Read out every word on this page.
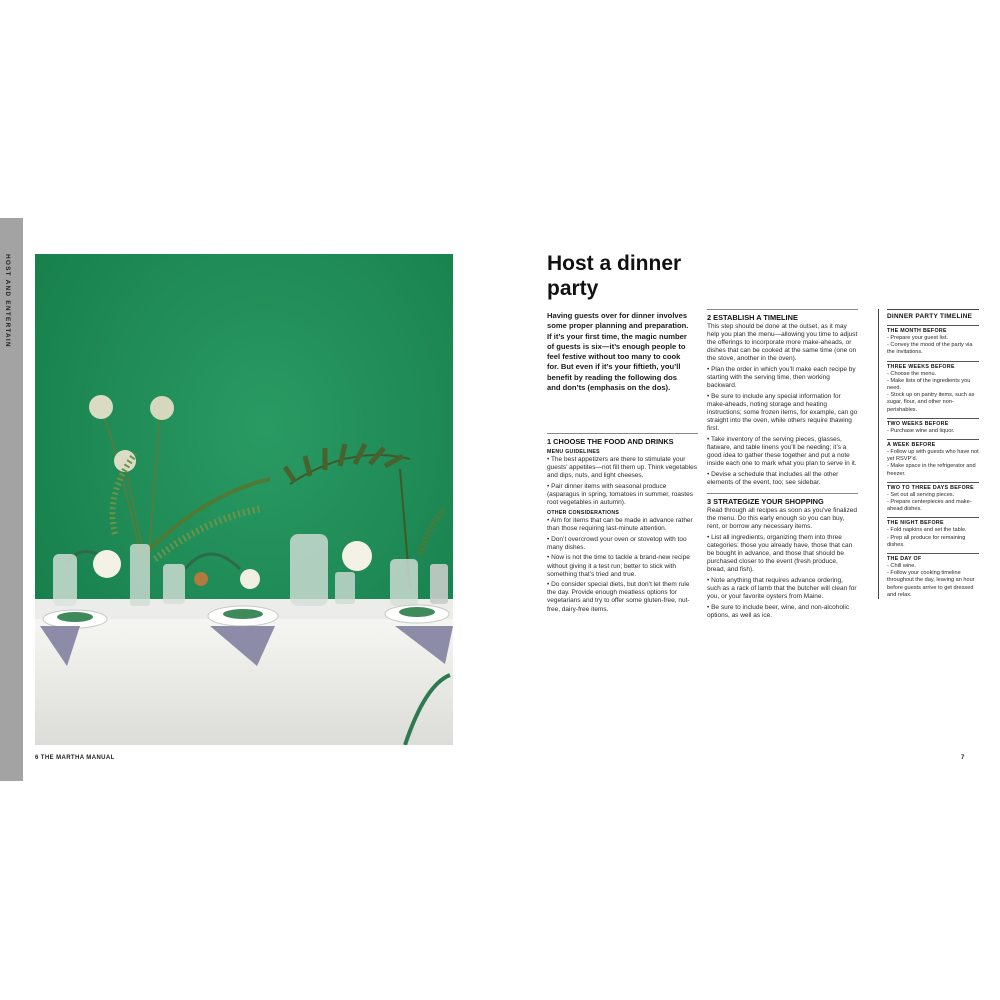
HOST AND ENTERTAIN
6 THE MARTHA MANUAL	7
Host a dinner party

Having guests over for dinner involves some proper planning and preparation. If it’s your first time, the magic number of guests is six—it’s enough people to feel festive without too many to cook for. But even if it’s your fiftieth, you’ll benefit by reading the following dos and don’ts (emphasis on the dos).

1 CHOOSE THE FOOD AND DRINKS
MENU GUIDELINES

• The best appetizers are there to stimulate your guests’ appetites—not fill them up. Think vegetables and dips, nuts, and light cheeses.

• Pair dinner items with seasonal produce (asparagus in spring, tomatoes in summer, roastes root vegetables in autumn).

OTHER CONSIDERATIONS

• Aim for items that can be made in advance rather than those requiring last-minute attention.

• Don’t overcrowd your oven or stovetop with too many dishes.

• Now is not the time to tackle a brand-new recipe without giving it a test run; better to stick with something that’s tried and true.

• Do consider special diets, but don’t let them rule the day. Provide enough meatless options for vegetarians and try to offer some gluten-free, nut-free, dairy-free items.

2 ESTABLISH A TIMELINE

This step should be done at the outset, as it may help you plan the menu—allowing you time to adjust the offerings to incorporate more make-aheads, or dishes that can be cooked at the same time (one on the stove, another in the oven).

• Plan the order in which you’ll make each recipe by starting with the serving time, then working backward.

• Be sure to include any special information for make-aheads, noting storage and heating instructions; some frozen items, for example, can go straight into the oven, while others require thawing first.

• Take inventory of the serving pieces, glasses, flatware, and table linens you’ll be needing; it’s a good idea to gather these together and put a note inside each one to mark what you plan to serve in it.

• Devise a schedule that includes all the other elements of the event, too; see sidebar.

3 STRATEGIZE YOUR SHOPPING

Read through all recipes as soon as you’ve finalized the menu. Do this early enough so you can buy, rent, or borrow any necessary items.

• List all ingredients, organizing them into three categories: those you already have, those that can be bought in advance, and those that should be purchased closer to the event (fresh produce, bread, and fish).

• Note anything that requires advance ordering, such as a rack of lamb that the butcher will clean for you, or your favorite oysters from Maine.

• Be sure to include beer, wine, and non-alcoholic options, as well as ice.

DINNER PARTY TIMELINE
THE MONTH BEFORE

- Prepare your guest list.

- Convey the mood of the party via the invitations.

THREE WEEKS BEFORE

- Choose the menu.

- Make lists of the ingredients you need.

- Stock up on pantry items, such as sugar, flour, and other non-perishables.

TWO WEEKS BEFORE

- Purchase wine and liquor.

A WEEK BEFORE

- Follow up with guests who have not yet RSVP’d.

- Make space in the refrigerator and freezer.

TWO TO THREE DAYS BEFORE

- Set out all serving pieces.

- Prepare centerpieces and make-ahead dishes.

THE NIGHT BEFORE

- Fold napkins and set the table.

- Prep all produce for remaining dishes.

THE DAY OF

- Chill wine.

- Follow your cooking timeline throughout the day, leaving an hour before guests arrive to get dressed and relax.
